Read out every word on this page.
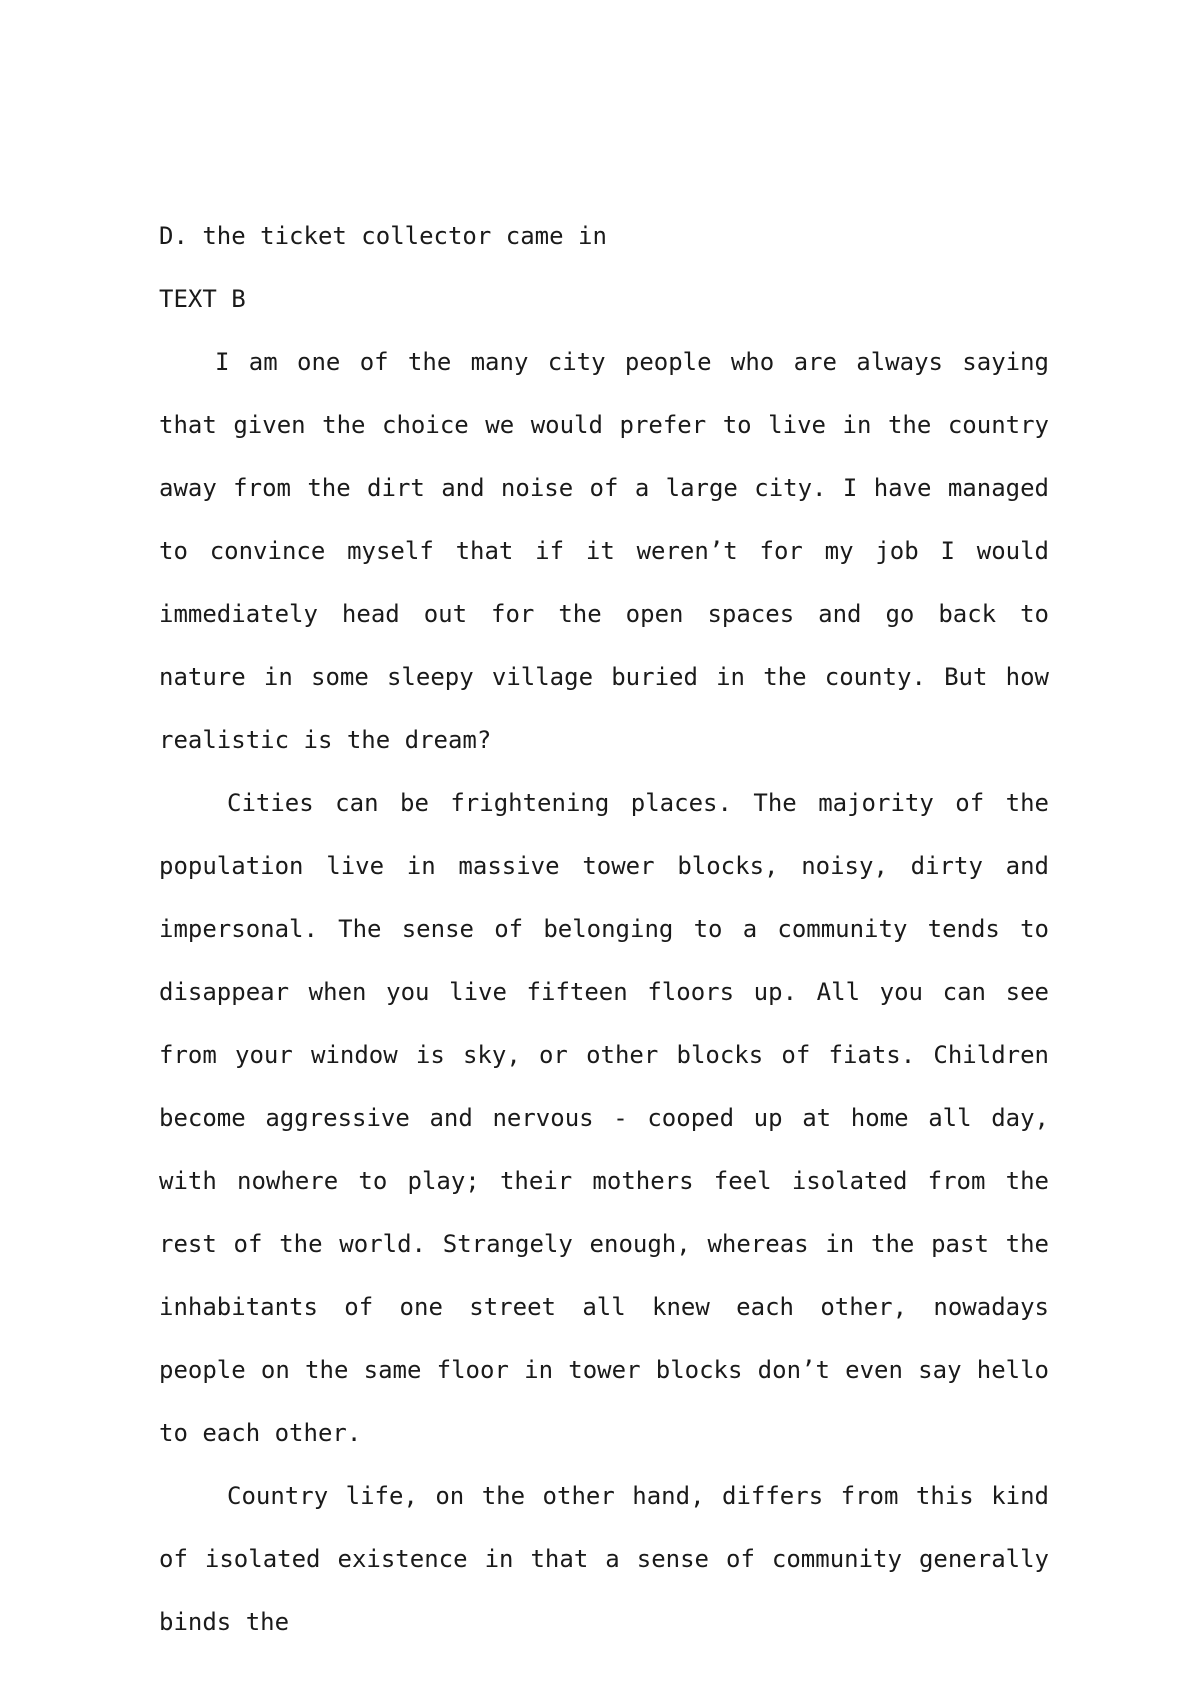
D. the ticket collector came in

TEXT B

I am one of the many city people who are always saying that given the choice we would prefer to live in the country away from the dirt and noise of a large city. I have managed to convince myself that if it weren’t for my job I would immediately head out for the open spaces and go back to nature in some sleepy village buried in the county. But how realistic is the dream?

Cities can be frightening places. The majority of the population live in massive tower blocks, noisy, dirty and impersonal. The sense of belonging to a community tends to disappear when you live fifteen floors up. All you can see from your window is sky, or other blocks of fiats. Children become aggressive and nervous - cooped up at home all day, with nowhere to play; their mothers feel isolated from the rest of the world. Strangely enough, whereas in the past the inhabitants of one street all knew each other, nowadays people on the same floor in tower blocks don’t even say hello to each other.

Country life, on the other hand, differs from this kind of isolated existence in that a sense of community generally binds the
